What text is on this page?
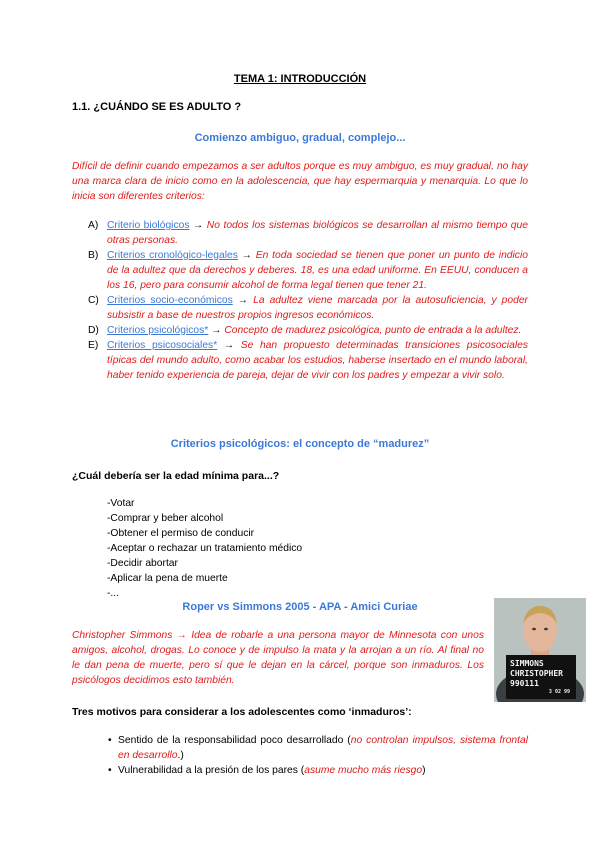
TEMA 1: INTRODUCCIÓN
1.1. ¿CUÁNDO SE ES ADULTO ?
Comienzo ambiguo, gradual, complejo...
Difícil de definir cuando empezamos a ser adultos porque es muy ambiguo, es muy gradual, no hay una marca clara de inicio como en la adolescencia, que hay espermarquia y menarquia. Lo que lo inicia son diferentes criterios:
A) Criterio biológicos → No todos los sistemas biológicos se desarrollan al mismo tiempo que otras personas.
B) Criterios cronológico-legales → En toda sociedad se tienen que poner un punto de indicio de la adultez que da derechos y deberes. 18, es una edad uniforme. En EEUU, conducen a los 16, pero para consumir alcohol de forma legal tienen que tener 21.
C) Criterios socio-económicos → La adultez viene marcada por la autosuficiencia, y poder subsistir a base de nuestros propios ingresos económicos.
D) Criterios psicológicos* → Concepto de madurez psicológica, punto de entrada a la adultez.
E) Criterios psicosociales* → Se han propuesto determinadas transiciones psicosociales típicas del mundo adulto, como acabar los estudios, haberse insertado en el mundo laboral, haber tenido experiencia de pareja, dejar de vivir con los padres y empezar a vivir solo.
Criterios psicológicos: el concepto de “madurez”
¿Cuál debería ser la edad mínima para...?
-Votar
-Comprar y beber alcohol
-Obtener el permiso de conducir
-Aceptar o rechazar un tratamiento médico
-Decidir abortar
-Aplicar la pena de muerte
-...
Roper vs Simmons 2005 - APA - Amici Curiae
Christopher Simmons → Idea de robarle a una persona mayor de Minnesota con unos amigos, alcohol, drogas. Lo conoce y de impulso la mata y la arrojan a un río. Al final no le dan pena de muerte, pero sí que le dejan en la cárcel, porque son inmaduros. Los psicólogos decidimos esto también.
SIMMONS
CHRISTOPHER
990111
3 02 99
Tres motivos para considerar a los adolescentes como ‘inmaduros’:
• Sentido de la responsabilidad poco desarrollado (no controlan impulsos, sistema frontal en desarrollo.)
• Vulnerabilidad a la presión de los pares (asume mucho más riesgo)
